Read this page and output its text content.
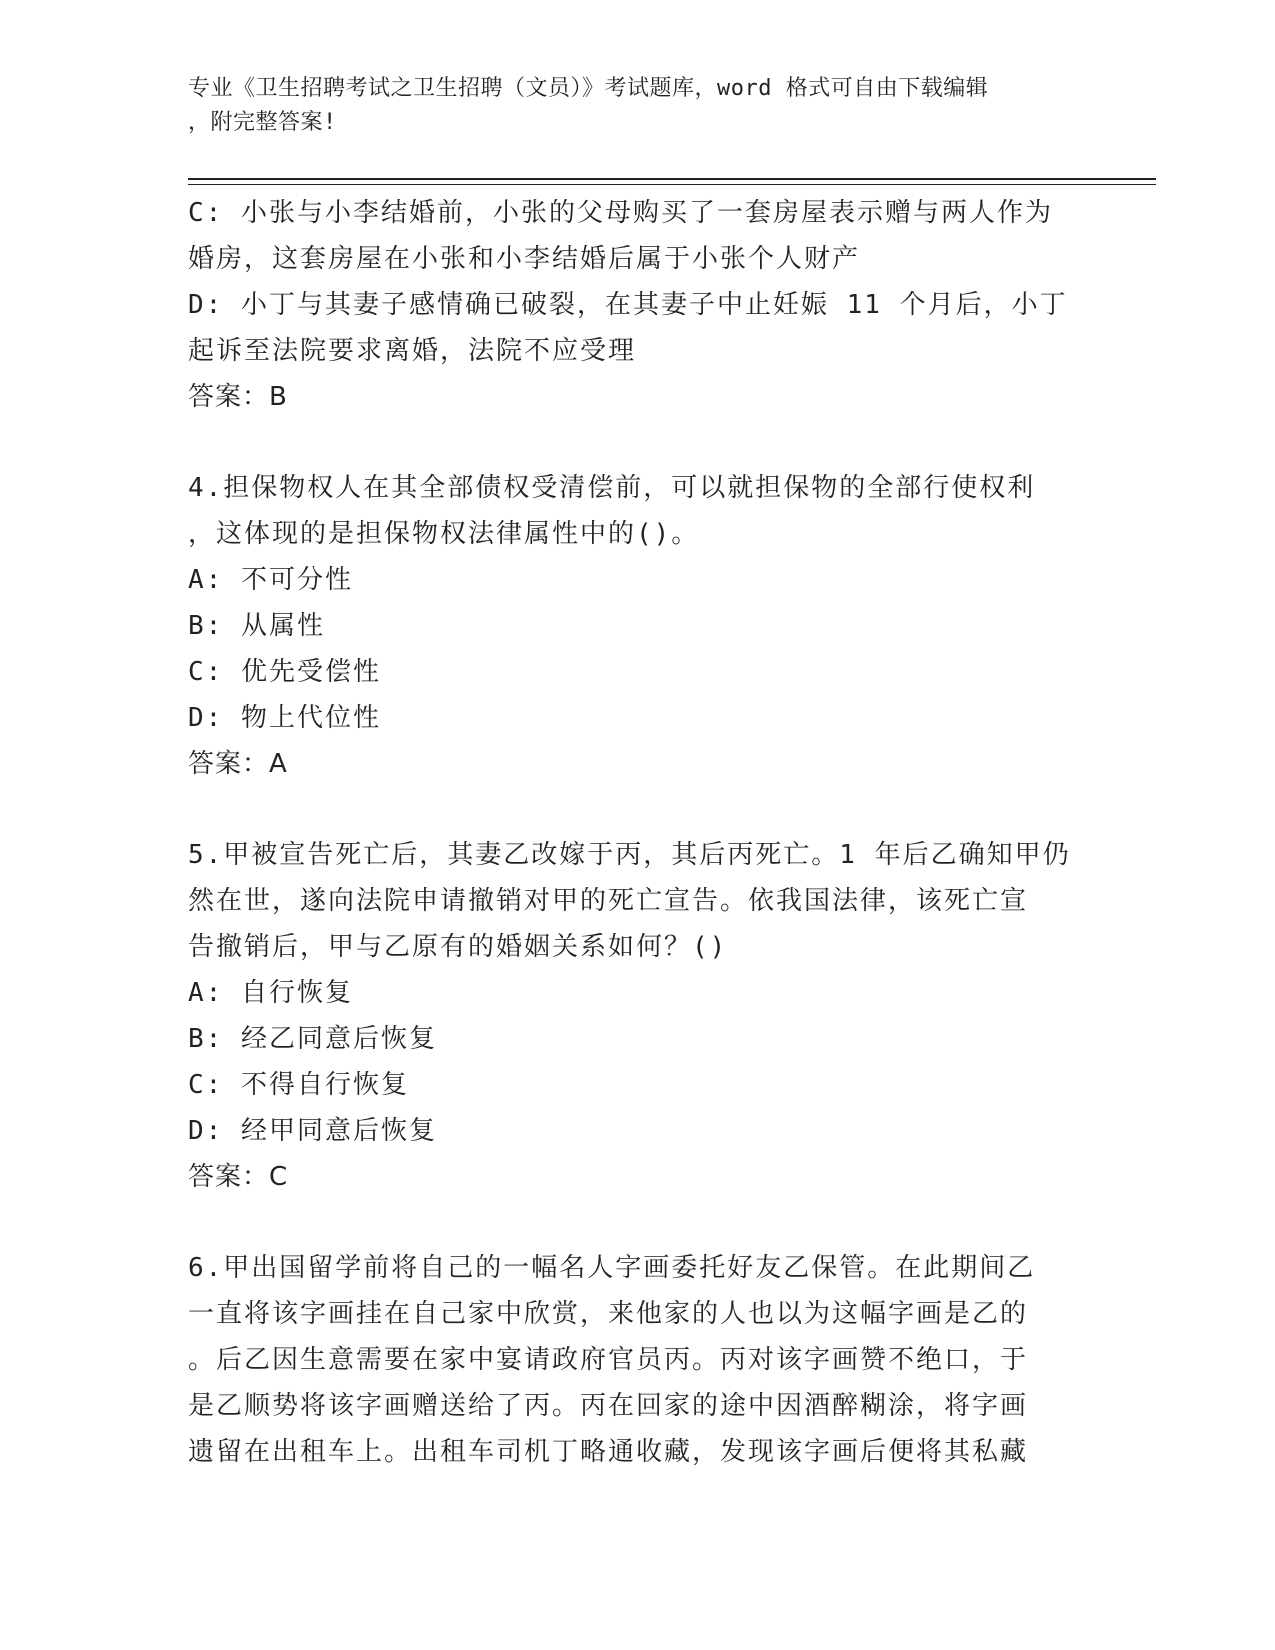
专业《卫生招聘考试之卫生招聘（文员）》考试题库，word 格式可自由下载编辑
，附完整答案!
C: 小张与小李结婚前，小张的父母购买了一套房屋表示赠与两人作为
婚房，这套房屋在小张和小李结婚后属于小张个人财产
D: 小丁与其妻子感情确已破裂，在其妻子中止妊娠 11 个月后，小丁
起诉至法院要求离婚，法院不应受理
答案：B
4.担保物权人在其全部债权受清偿前，可以就担保物的全部行使权利
，这体现的是担保物权法律属性中的()。
A: 不可分性
B: 从属性
C: 优先受偿性
D: 物上代位性
答案：A
5.甲被宣告死亡后，其妻乙改嫁于丙，其后丙死亡。1 年后乙确知甲仍
然在世，遂向法院申请撤销对甲的死亡宣告。依我国法律，该死亡宣
告撤销后，甲与乙原有的婚姻关系如何？()
A: 自行恢复
B: 经乙同意后恢复
C: 不得自行恢复
D: 经甲同意后恢复
答案：C
6.甲出国留学前将自己的一幅名人字画委托好友乙保管。在此期间乙
一直将该字画挂在自己家中欣赏，来他家的人也以为这幅字画是乙的
。后乙因生意需要在家中宴请政府官员丙。丙对该字画赞不绝口，于
是乙顺势将该字画赠送给了丙。丙在回家的途中因酒醉糊涂，将字画
遗留在出租车上。出租车司机丁略通收藏，发现该字画后便将其私藏
